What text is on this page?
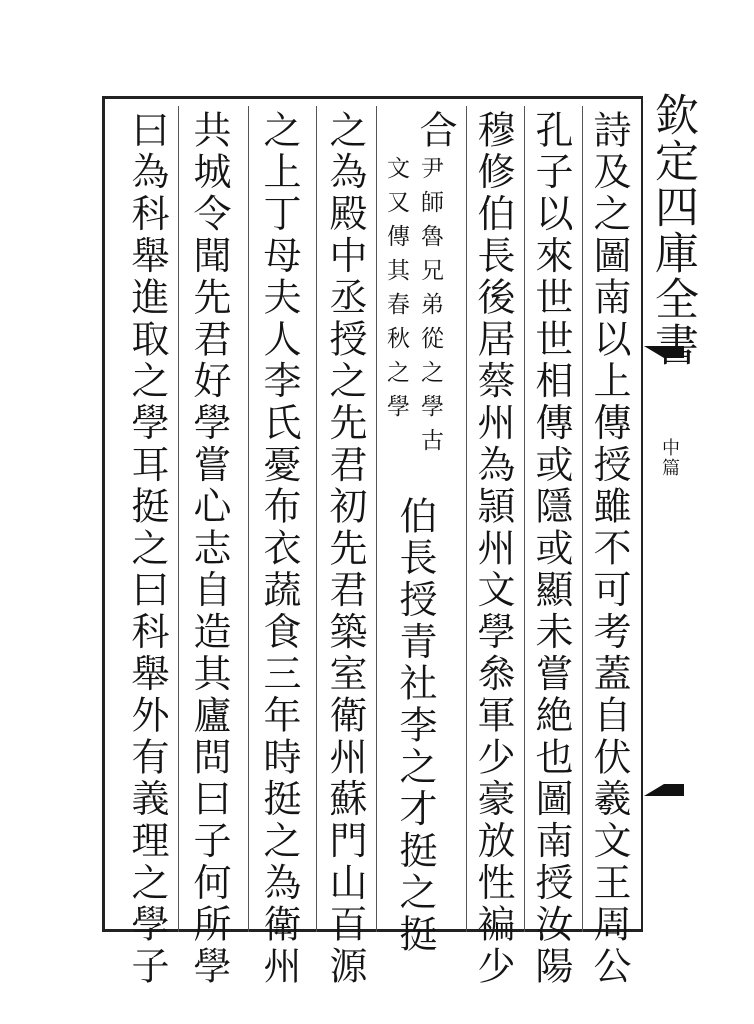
欽定四庫全書
中篇
詩及之圖南以上傳授雖不可考蓋自伏羲文王周公
孔子以來世世相傳或隱或顯未嘗絶也圖南授汝陽
穆修伯長後居蔡州為頴州文學叅軍少豪放性褊少
合
尹師魯兄弟從之學古
文又傳其春秋之學
伯長授青社李之才挺之挺
之為殿中丞授之先君初先君築室衛州蘇門山百源
之上丁母夫人李氏憂布衣蔬食三年時挺之為衛州
共城令聞先君好學嘗心志自造其廬問曰子何所學
曰為科舉進取之學耳挺之曰科舉外有義理之學子
